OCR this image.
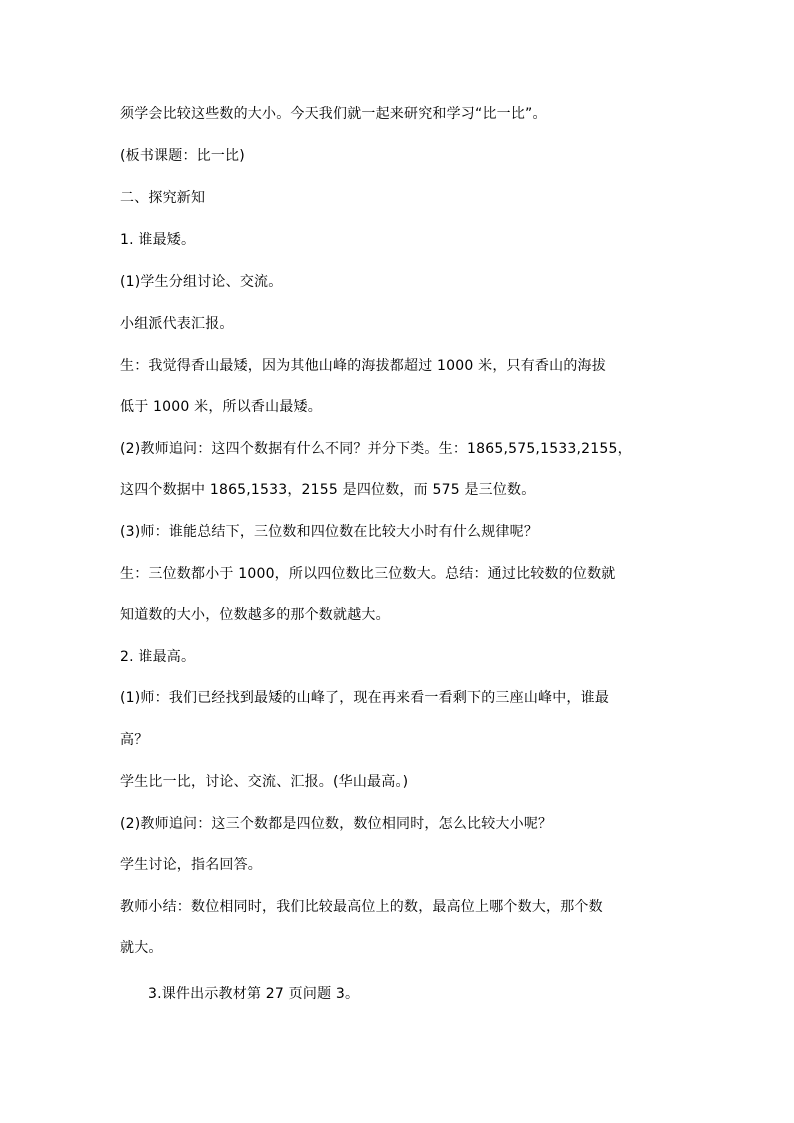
须学会比较这些数的大小。今天我们就一起来研究和学习“比一比”。

(板书课题：比一比)

二、探究新知

1. 谁最矮。

(1)学生分组讨论、交流。

小组派代表汇报。

生：我觉得香山最矮，因为其他山峰的海拔都超过 1000 米，只有香山的海拔

低于 1000 米，所以香山最矮。

(2)教师追问：这四个数据有什么不同？并分下类。生：1865,575,1533,2155，

这四个数据中 1865,1533，2155 是四位数，而 575 是三位数。

(3)师：谁能总结下，三位数和四位数在比较大小时有什么规律呢？

生：三位数都小于 1000，所以四位数比三位数大。总结：通过比较数的位数就

知道数的大小，位数越多的那个数就越大。

2. 谁最高。

(1)师：我们已经找到最矮的山峰了，现在再来看一看剩下的三座山峰中，谁最

高？

学生比一比，讨论、交流、汇报。(华山最高。)

(2)教师追问：这三个数都是四位数，数位相同时，怎么比较大小呢？

学生讨论，指名回答。

教师小结：数位相同时，我们比较最高位上的数，最高位上哪个数大，那个数

就大。

3.课件出示教材第 27 页问题 3。
